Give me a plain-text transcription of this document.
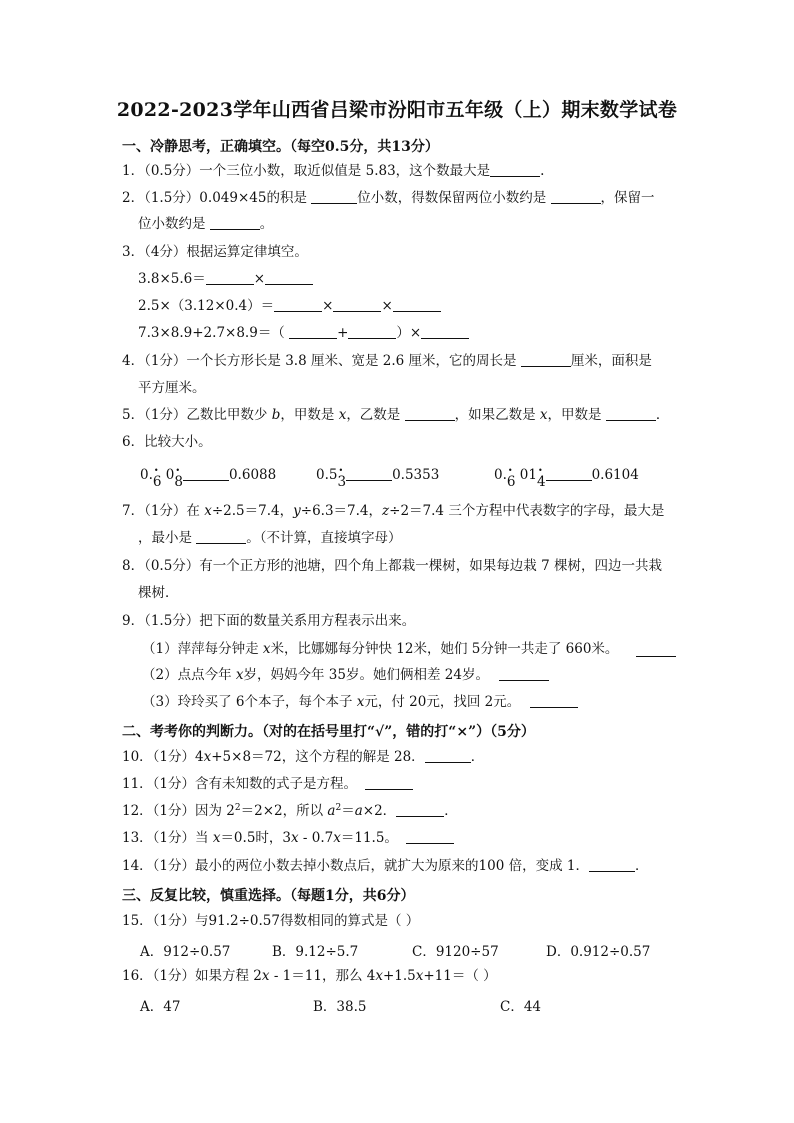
2022-2023学年山西省吕梁市汾阳市五年级（上）期末数学试卷
一、冷静思考，正确填空。（每空0.5分，共13分）
1．（0.5分）一个三位小数，取近似值是 5.83，这个数最大是	.
2．（1.5分）0.049×45的积是	位小数，得数保留两位小数约是	，保留一
位小数约是	。
3．（4分）根据运算定律填空。
3.8×5.6＝	×
2.5×（3.12×0.4）＝	×	×
7.3×8.9+2.7×8.9＝（	+	）×
4．（1分）一个长方形长是 3.8 厘米、宽是 2.6 厘米，它的周长是	厘米，面积是
平方厘米。
5．（1分）乙数比甲数少 b，甲数是 x，乙数是	，如果乙数是 x，甲数是	．
6．比较大小。
0.• 6 0• 8	0.6088	0.5• 3	0.5353	0.• 6 01• 4	0.6104
7．（1分）在 x÷2.5＝7.4，y÷6.3＝7.4，z÷2＝7.4 三个方程中代表数字的字母，最大是
，最小是	。（不计算，直接填字母）
8．（0.5分）有一个正方形的池塘，四个角上都栽一棵树，如果每边栽 7 棵树，四边一共栽
棵树．
9．（1.5分）把下面的数量关系用方程表示出来。
（1）萍萍每分钟走 x米，比娜娜每分钟快 12米，她们 5分钟一共走了 660米。
（2）点点今年 x岁，妈妈今年 35岁。她们俩相差 24岁。
（3）玲玲买了 6个本子，每个本子 x元，付 20元，找回 2元。
二、考考你的判断力。（对的在括号里打“√”，错的打“×”）（5分）
10．（1分）4x+5×8＝72，这个方程的解是 28．	．
11．（1分）含有未知数的式子是方程。
12．（1分）因为 $2^2=2\times 2$，所以 $a^2=a\times 2$．	．
13．（1分）当 x＝0.5时，3x - 0.7x＝11.5。
14．（1分）最小的两位小数去掉小数点后，就扩大为原来的100 倍，变成 1．	．
三、反复比较，慎重选择。（每题1分，共6分）
15．（1分）与91.2÷0.57得数相同的算式是（ ）
A．912÷0.57	B．9.12÷5.7	C．9120÷57	D．0.912÷0.57
16．（1分）如果方程 2x - 1＝11，那么 4x+1.5x+11＝（ ）
A．47	B．38.5	C．44
